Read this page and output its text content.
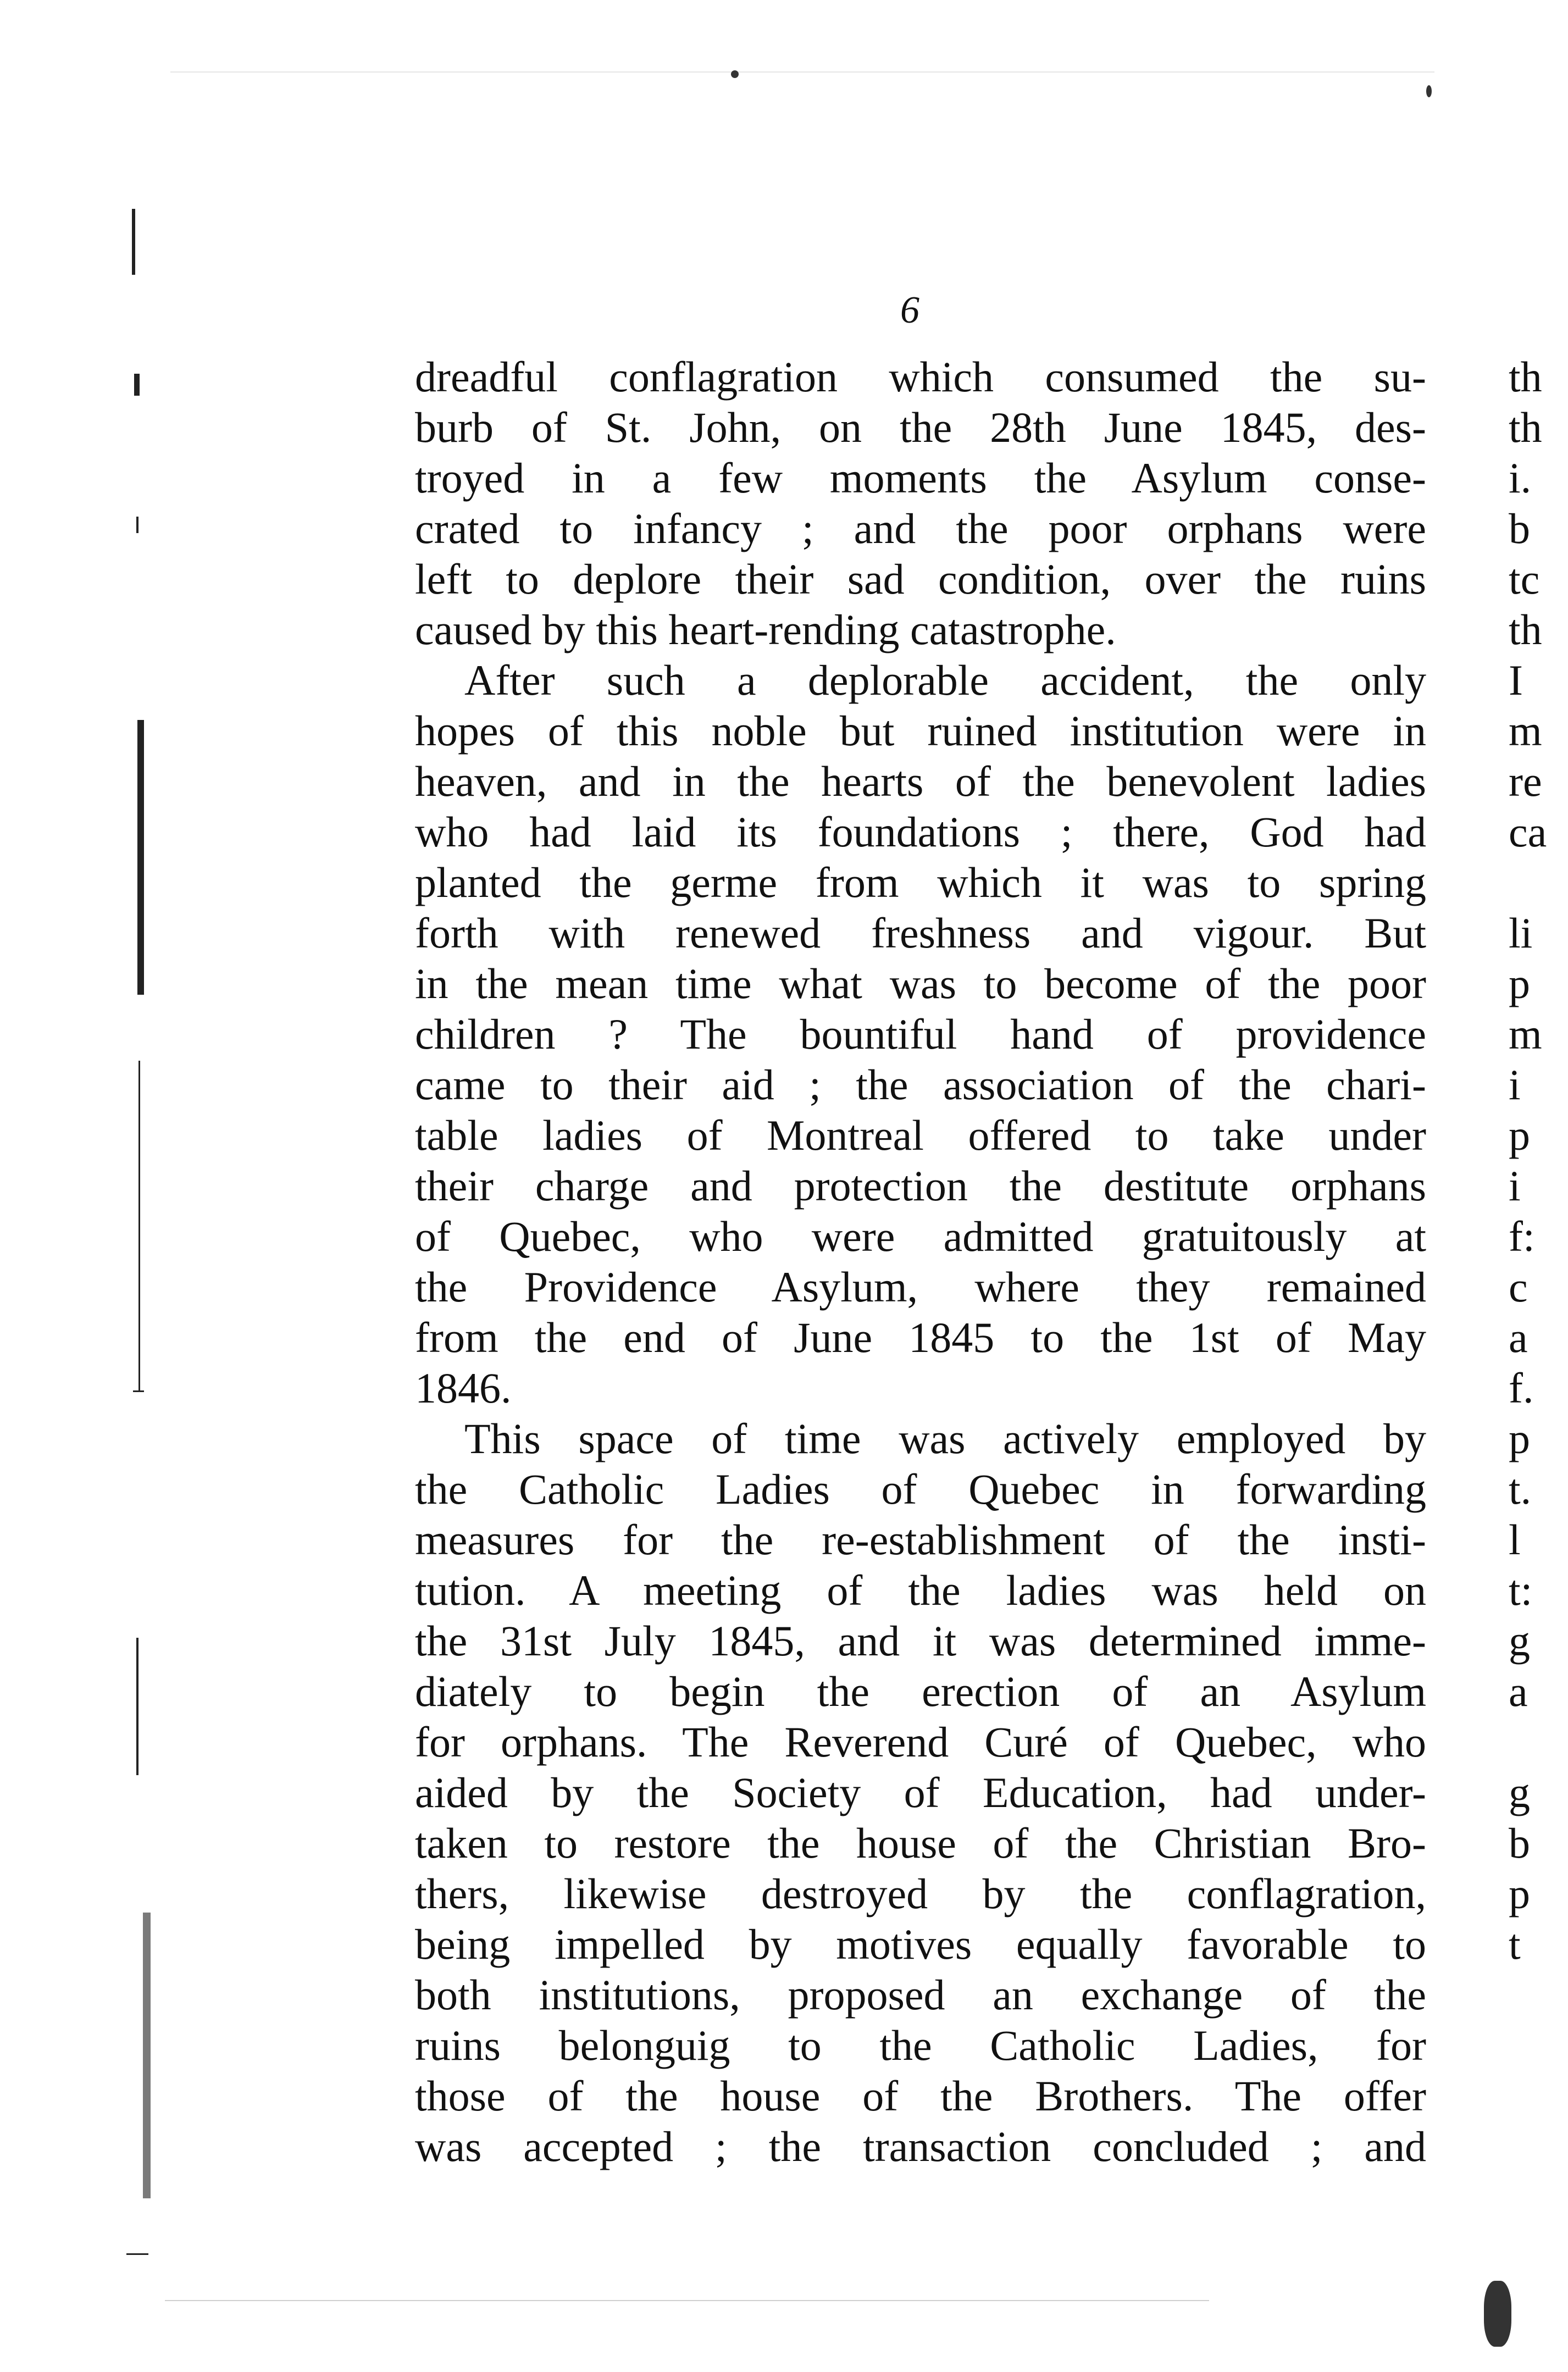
6
dreadful conflagration which consumed the su-
burb of St. John, on the 28th June 1845, des-
troyed in a few moments the Asylum conse-
crated to infancy ; and the poor orphans were
left to deplore their sad condition, over the ruins
caused by this heart-rending catastrophe.
After such a deplorable accident, the only
hopes of this noble but ruined institution were in
heaven, and in the hearts of the benevolent ladies
who had laid its foundations ; there, God had
planted the germe from which it was to spring
forth with renewed freshness and vigour. But
in the mean time what was to become of the poor
children ? The bountiful hand of providence
came to their aid ; the association of the chari-
table ladies of Montreal offered to take under
their charge and protection the destitute orphans
of Quebec, who were admitted gratuitously at
the Providence Asylum, where they remained
from the end of June 1845 to the 1st of May
1846.
This space of time was actively employed by
the Catholic Ladies of Quebec in forwarding
measures for the re-establishment of the insti-
tution. A meeting of the ladies was held on
the 31st July 1845, and it was determined imme-
diately to begin the erection of an Asylum
for orphans. The Reverend Curé of Quebec, who
aided by the Society of Education, had under-
taken to restore the house of the Christian Bro-
thers, likewise destroyed by the conflagration,
being impelled by motives equally favorable to
both institutions, proposed an exchange of the
ruins belonguig to the Catholic Ladies, for
those of the house of the Brothers. The offer
was accepted ; the transaction concluded ; and
th
th
i.
b
tc
th
I
m
re
ca
li
p
m
i
p
i
f:
c
a
f.
p
t.
l
t:
g
a
g
b
p
t
